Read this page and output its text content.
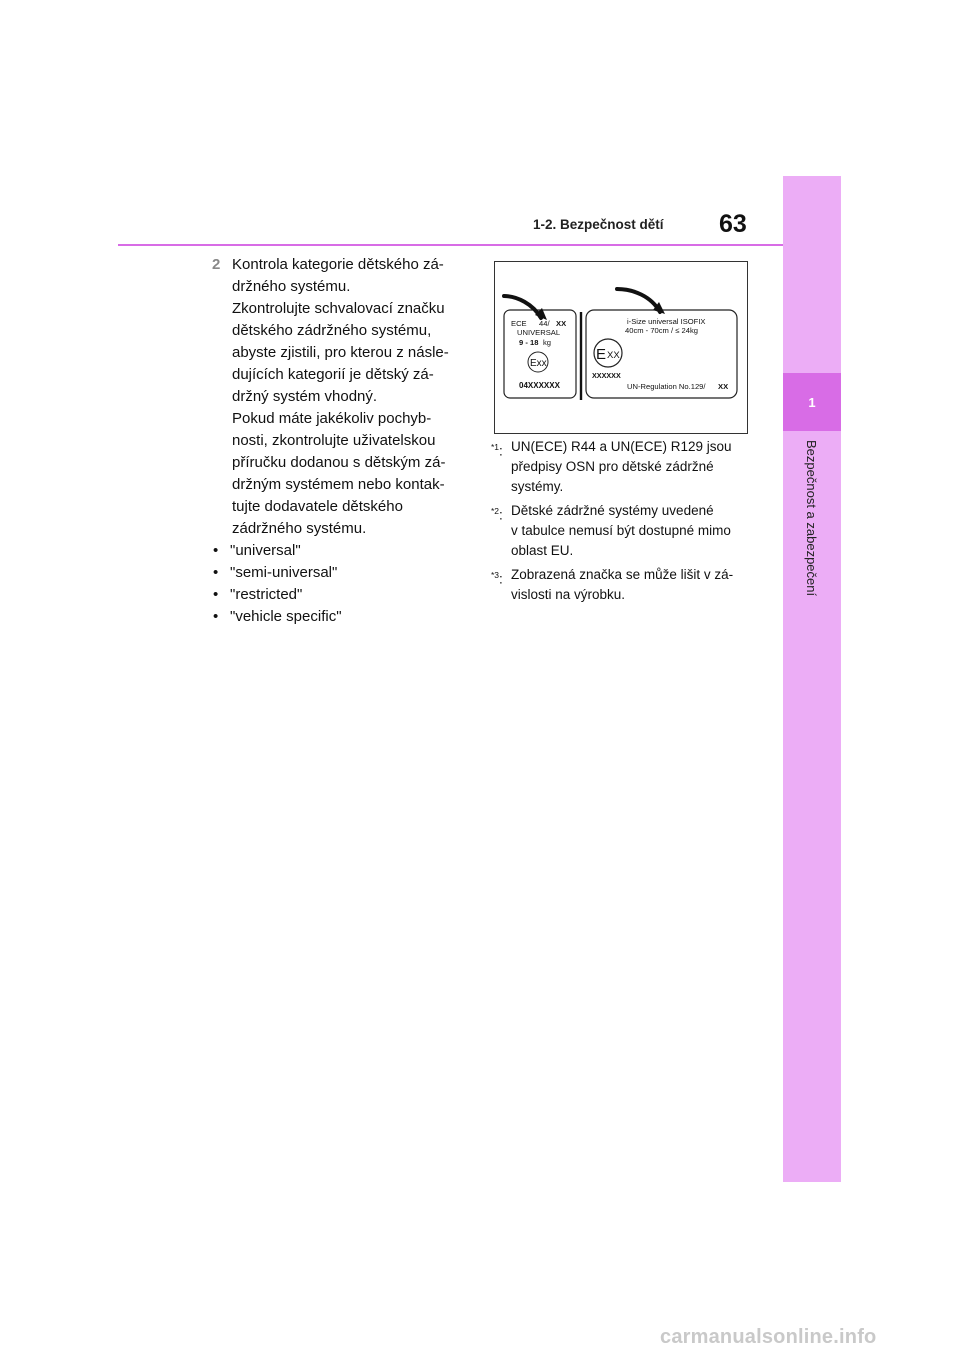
1
Bezpečnost a zabezpečení
1-2. Bezpečnost dětí 63
2 Kontrola kategorie dětského zá-

držného systému.

Zkontrolujte schvalovací značku

dětského zádržného systému,

abyste zjistili, pro kterou z násle-

dujících kategorií je dětský zá-

držný systém vhodný.

Pokud máte jakékoliv pochyb-

nosti, zkontrolujte uživatelskou

příručku dodanou s dětským zá-

držným systémem nebo kontak-

tujte dodavatele dětského

zádržného systému.

• "universal"
• "semi-universal"
• "restricted"
• "vehicle specific"
ECE 44/ XX
UNIVERSAL
9 - 18 kg
Exx
04XXXXXX
i-Size universal ISOFIX
40cm - 70cm / ≤ 24kg
E XX
XXXXXX
UN-Regulation No.129/ XX
$^{*1}$: UN(ECE) R44 a UN(ECE) R129 jsou

předpisy OSN pro dětské zádržné

systémy.

$^{*2}$: Dětské zádržné systémy uvedené

v tabulce nemusí být dostupné mimo

oblast EU.

$^{*3}$: Zobrazená značka se může lišit v zá-

vislosti na výrobku.

carmanualsonline.info
